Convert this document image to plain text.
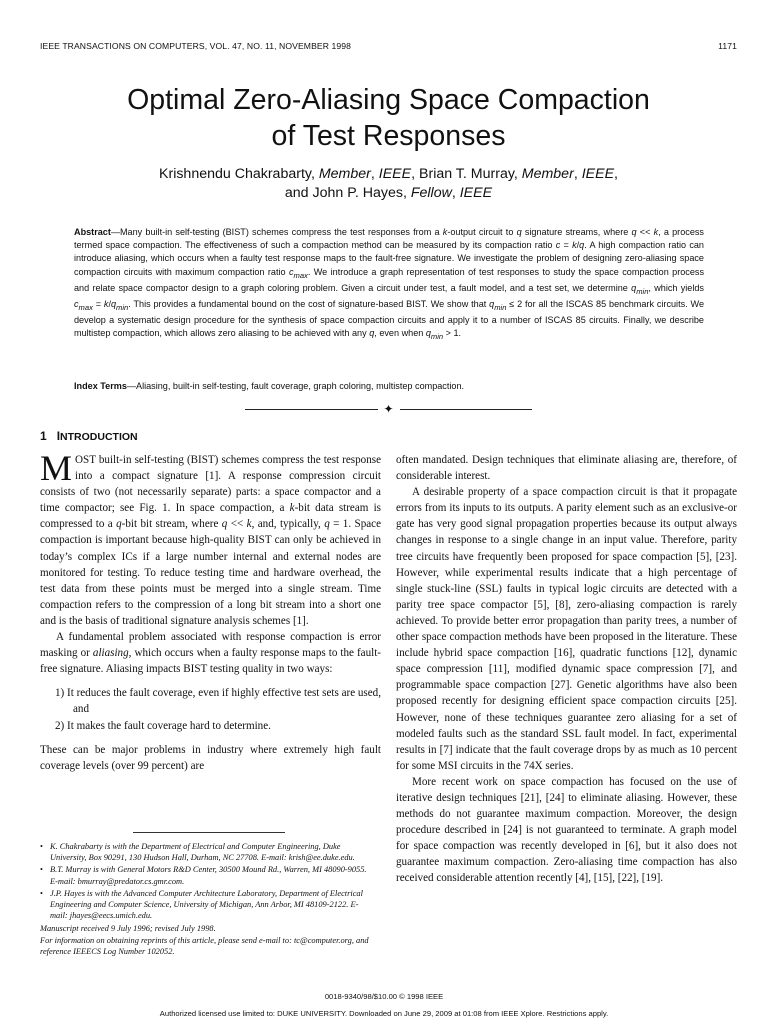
IEEE TRANSACTIONS ON COMPUTERS, VOL. 47, NO. 11, NOVEMBER 1998	1171
Optimal Zero-Aliasing Space Compaction
of Test Responses
Krishnendu Chakrabarty, Member, IEEE, Brian T. Murray, Member, IEEE,
and John P. Hayes, Fellow, IEEE
Abstract—Many built-in self-testing (BIST) schemes compress the test responses from a k-output circuit to q signature streams, where q << k, a process termed space compaction. The effectiveness of such a compaction method can be measured by its compaction ratio c = k/q. A high compaction ratio can introduce aliasing, which occurs when a faulty test response maps to the fault-free signature. We investigate the problem of designing zero-aliasing space compaction circuits with maximum compaction ratio $c_{max}$. We introduce a graph representation of test responses to study the space compaction process and relate space compactor design to a graph coloring problem. Given a circuit under test, a fault model, and a test set, we determine $q_{min}$, which yields $c_{max} = k/q_{min}$. This provides a fundamental bound on the cost of signature-based BIST. We show that $q_{min} \le 2$ for all the ISCAS 85 benchmark circuits. We develop a systematic design procedure for the synthesis of space compaction circuits and apply it to a number of ISCAS 85 circuits. Finally, we describe multistep compaction, which allows zero aliasing to be achieved with any q, even when $q_{min} > 1$.
Index Terms—Aliasing, built-in self-testing, fault coverage, graph coloring, multistep compaction.
✦
1 INTRODUCTION

MOST built-in self-testing (BIST) schemes compress the test response into a compact signature [1]. A response compression circuit consists of two (not necessarily separate) parts: a space compactor and a time compactor; see Fig. 1. In space compaction, a k-bit data stream is compressed to a q-bit bit stream, where q << k, and, typically, q = 1. Space compaction is important because high-quality BIST can only be achieved in today’s complex ICs if a large number internal and external nodes are monitored for testing. To reduce testing time and hardware overhead, the test data from these points must be merged into a single stream. Time compaction refers to the compression of a long bit stream into a short one and is the basis of traditional signature analysis schemes [1].

A fundamental problem associated with response compaction is error masking or aliasing, which occurs when a faulty response maps to the fault-free signature. Aliasing impacts BIST testing quality in two ways:

1) It reduces the fault coverage, even if highly effective test sets are used, and
2) It makes the fault coverage hard to determine.

These can be major problems in industry where extremely high fault coverage levels (over 99 percent) are

often mandated. Design techniques that eliminate aliasing are, therefore, of considerable interest.

A desirable property of a space compaction circuit is that it propagate errors from its inputs to its outputs. A parity element such as an exclusive-or gate has very good signal propagation properties because its output always changes in response to a single change in an input value. Therefore, parity tree circuits have frequently been proposed for space compaction [5], [23]. However, while experimental results indicate that a high percentage of single stuck-line (SSL) faults in typical logic circuits are detected with a parity tree space compactor [5], [8], zero-aliasing compaction is rarely achieved. To provide better error propagation than parity trees, a number of other space compaction methods have been proposed in the literature. These include hybrid space compaction [16], quadratic functions [12], dynamic space compression [11], modified dynamic space compression [7], and programmable space compaction [27]. Genetic algorithms have also been proposed recently for designing efficient space compaction circuits [25]. However, none of these techniques guarantee zero aliasing for a set of modeled faults such as the standard SSL fault model. In fact, experimental results in [7] indicate that the fault coverage drops by as much as 10 percent for some MSI circuits in the 74X series.

More recent work on space compaction has focused on the use of iterative design techniques [21], [24] to eliminate aliasing. However, these methods do not guarantee maximum compaction. Moreover, the design procedure described in [24] is not guaranteed to terminate. A graph model for space compaction was recently developed in [6], but it also does not guarantee maximum compaction. Zero-aliasing time compaction has also received considerable attention recently [4], [15], [22], [19].

• K. Chakrabarty is with the Department of Electrical and Computer Engineering, Duke University, Box 90291, 130 Hudson Hall, Durham, NC 27708. E-mail: krish@ee.duke.edu.
• B.T. Murray is with General Motors R&D Center, 30500 Mound Rd., Warren, MI 48090-9055. E-mail: bmurray@predator.cs.gmr.com.
• J.P. Hayes is with the Advanced Computer Architecture Laboratory, Department of Electrical Engineering and Computer Science, University of Michigan, Ann Arbor, MI 48109-2122. E-mail: jhayes@eecs.umich.edu.
Manuscript received 9 July 1996; revised July 1998.
For information on obtaining reprints of this article, please send e-mail to: tc@computer.org, and reference IEEECS Log Number 102052.
0018-9340/98/$10.00 © 1998 IEEE
Authorized licensed use limited to: DUKE UNIVERSITY. Downloaded on June 29, 2009 at 01:08 from IEEE Xplore. Restrictions apply.
